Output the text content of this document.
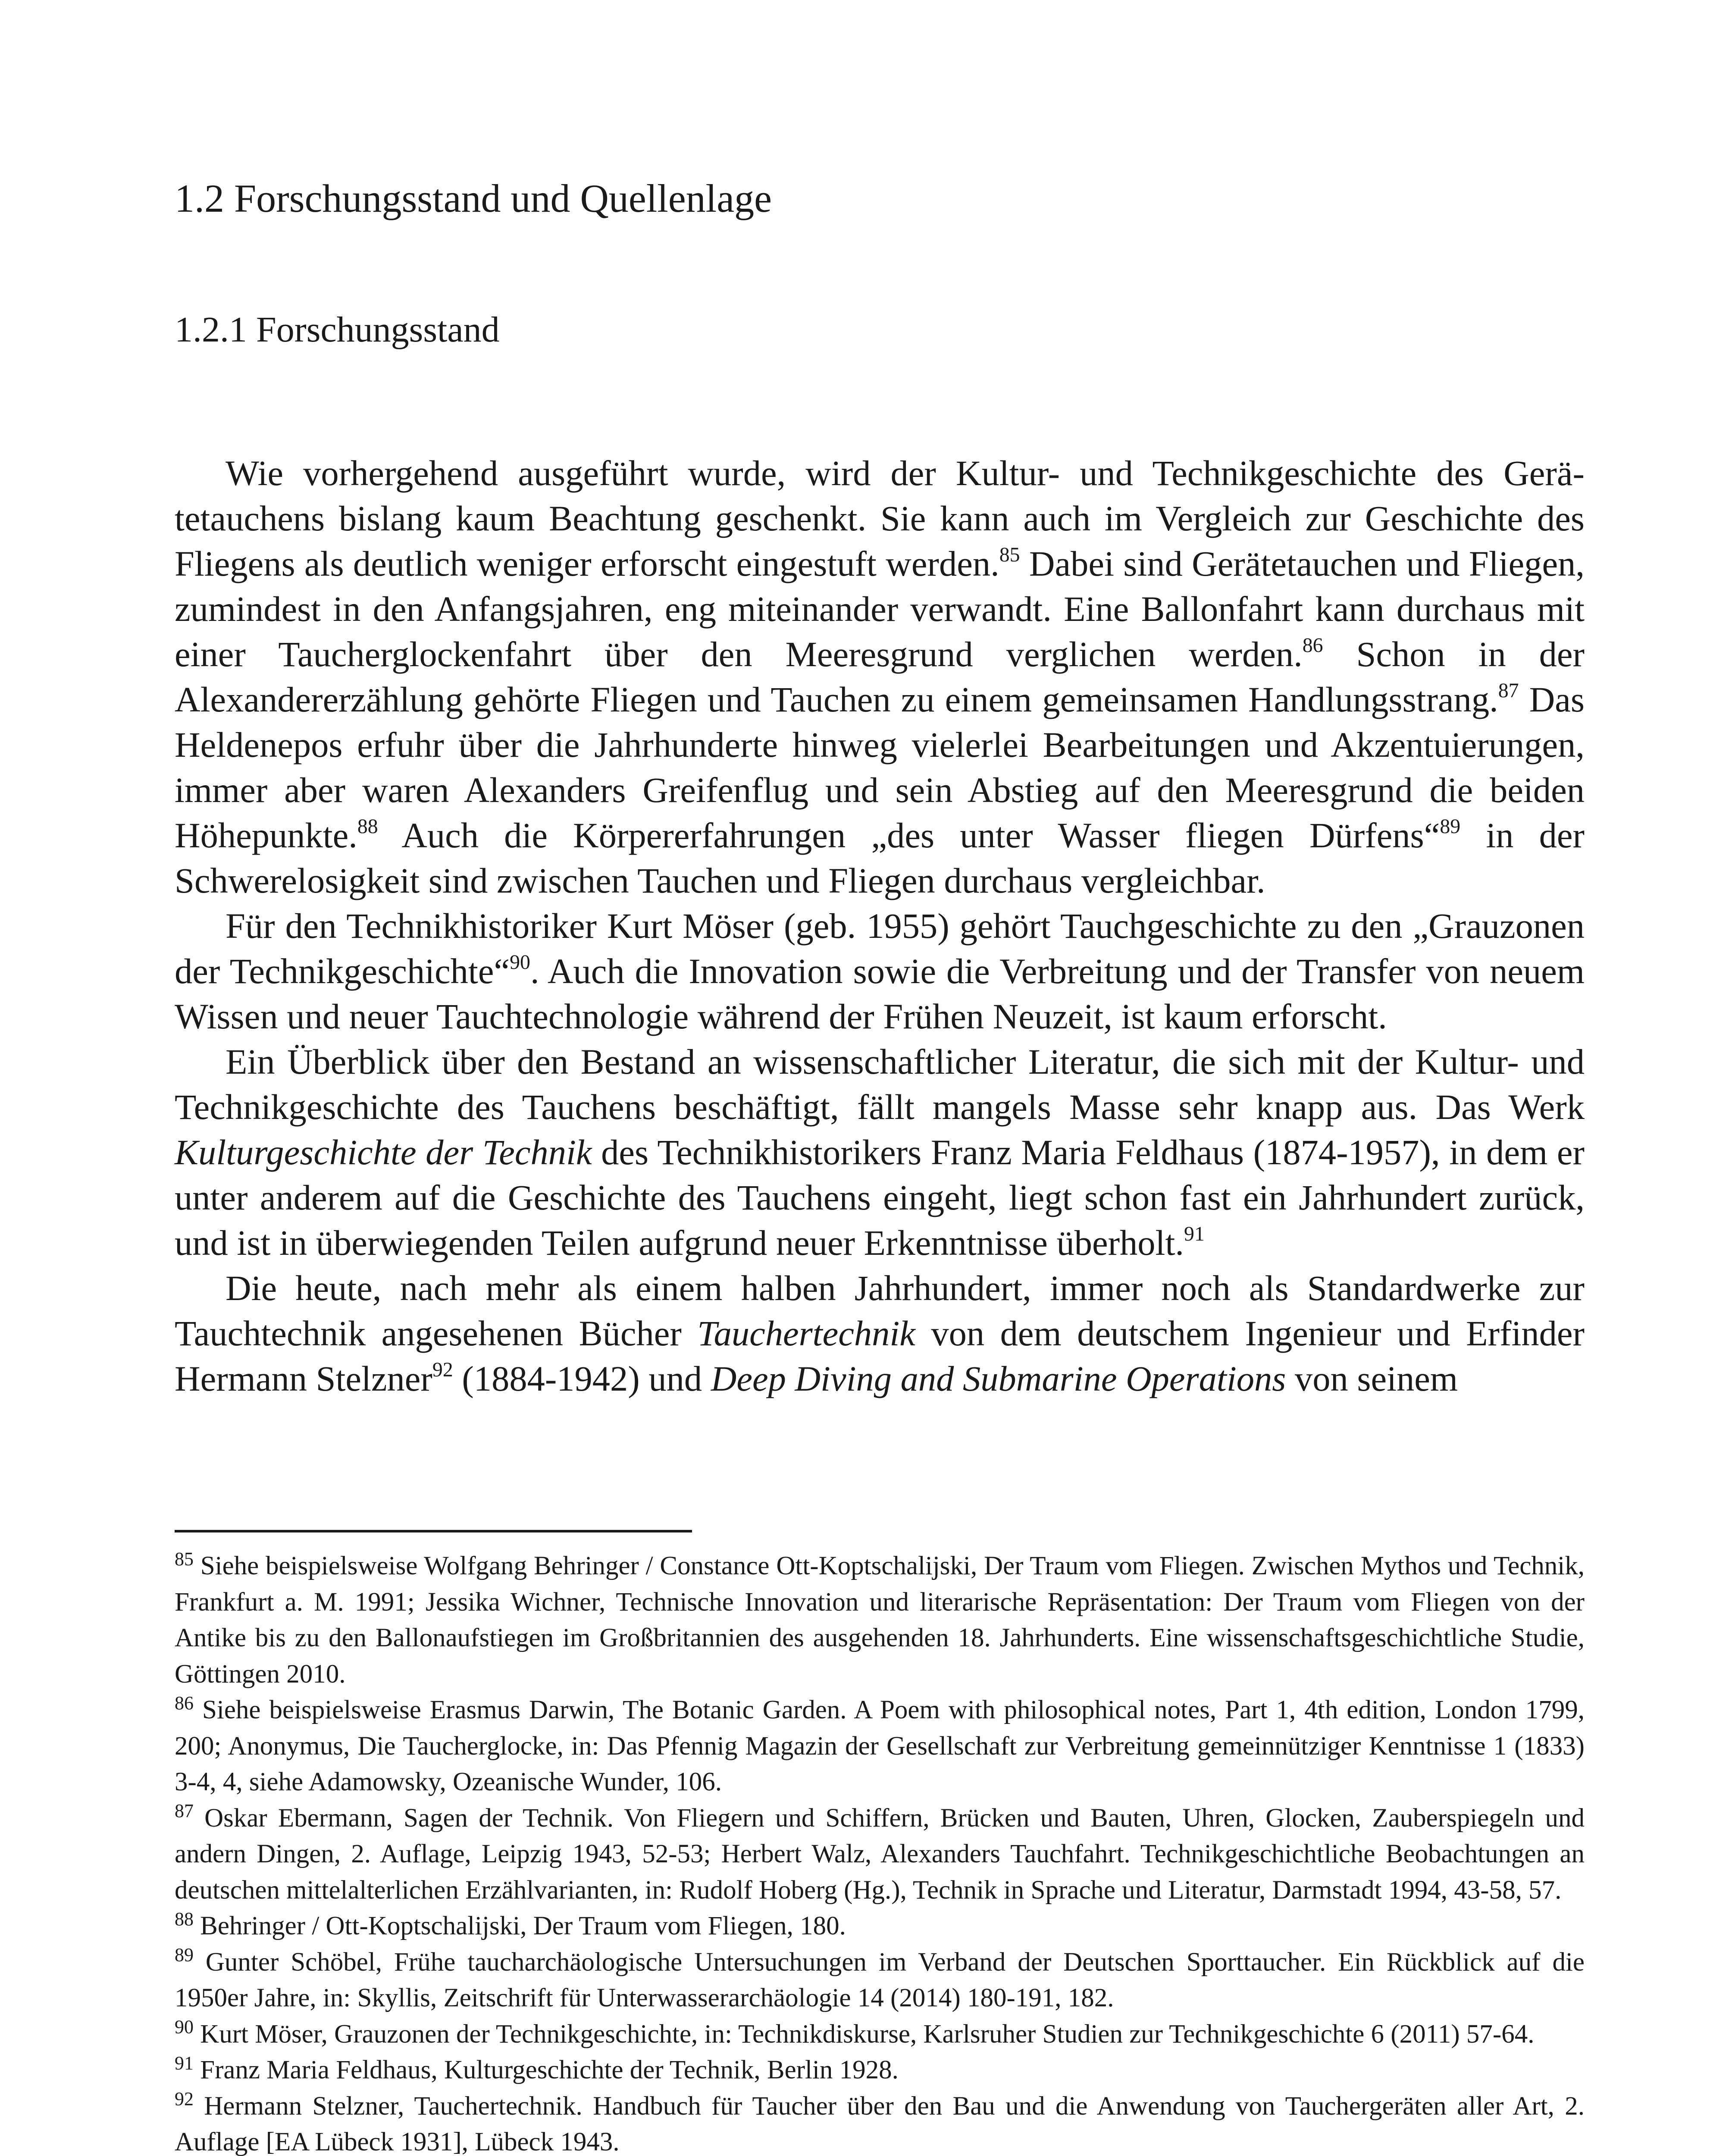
1.2 Forschungsstand und Quellenlage
1.2.1 Forschungsstand

Wie vorhergehend ausgeführt wurde, wird der Kultur- und Technikgeschichte des Gerätetauchens bislang kaum Beachtung geschenkt. Sie kann auch im Vergleich zur Geschichte des Fliegens als deutlich weniger erforscht eingestuft werden.$^{85}$ Dabei sind Gerätetauchen und Fliegen, zumindest in den Anfangsjahren, eng miteinander verwandt. Eine Ballonfahrt kann durchaus mit einer Taucherglockenfahrt über den Meeresgrund verglichen werden.$^{86}$ Schon in der Alexandererzählung gehörte Fliegen und Tauchen zu einem gemeinsamen Handlungsstrang.$^{87}$ Das Heldenepos erfuhr über die Jahrhunderte hinweg vielerlei Bearbeitungen und Akzentuierungen, immer aber waren Alexanders Greifenflug und sein Abstieg auf den Meeresgrund die beiden Höhepunkte.$^{88}$ Auch die Körpererfahrungen „des unter Wasser fliegen Dürfens“$^{89}$ in der Schwerelosigkeit sind zwischen Tauchen und Fliegen durchaus vergleichbar.

Für den Technikhistoriker Kurt Möser (geb. 1955) gehört Tauchgeschichte zu den „Grauzonen der Technikgeschichte“$^{90}$. Auch die Innovation sowie die Verbreitung und der Transfer von neuem Wissen und neuer Tauchtechnologie während der Frühen Neuzeit, ist kaum erforscht.

Ein Überblick über den Bestand an wissenschaftlicher Literatur, die sich mit der Kultur- und Technikgeschichte des Tauchens beschäftigt, fällt mangels Masse sehr knapp aus. Das Werk Kulturgeschichte der Technik des Technikhistorikers Franz Maria Feldhaus (1874-1957), in dem er unter anderem auf die Geschichte des Tauchens eingeht, liegt schon fast ein Jahrhundert zurück, und ist in überwiegenden Teilen aufgrund neuer Erkenntnisse überholt.$^{91}$

Die heute, nach mehr als einem halben Jahrhundert, immer noch als Standardwerke zur Tauchtechnik angesehenen Bücher Tauchertechnik von dem deutschem Ingenieur und Erfinder Hermann Stelzner$^{92}$ (1884-1942) und Deep Diving and Submarine Operations von seinem

$^{85}$ Siehe beispielsweise Wolfgang Behringer / Constance Ott-Koptschalijski, Der Traum vom Fliegen. Zwischen Mythos und Technik, Frankfurt a. M. 1991; Jessika Wichner, Technische Innovation und literarische Repräsentation: Der Traum vom Fliegen von der Antike bis zu den Ballonaufstiegen im Großbritannien des ausgehenden 18. Jahrhunderts. Eine wissenschaftsgeschichtliche Studie, Göttingen 2010.

$^{86}$ Siehe beispielsweise Erasmus Darwin, The Botanic Garden. A Poem with philosophical notes, Part 1, 4th edition, London 1799, 200; Anonymus, Die Taucherglocke, in: Das Pfennig Magazin der Gesellschaft zur Verbreitung gemeinnütziger Kenntnisse 1 (1833) 3-4, 4, siehe Adamowsky, Ozeanische Wunder, 106.

$^{87}$ Oskar Ebermann, Sagen der Technik. Von Fliegern und Schiffern, Brücken und Bauten, Uhren, Glocken, Zauberspiegeln und andern Dingen, 2. Auflage, Leipzig 1943, 52-53; Herbert Walz, Alexanders Tauchfahrt. Technikgeschichtliche Beobachtungen an deutschen mittelalterlichen Erzählvarianten, in: Rudolf Hoberg (Hg.), Technik in Sprache und Literatur, Darmstadt 1994, 43-58, 57.

$^{88}$ Behringer / Ott-Koptschalijski, Der Traum vom Fliegen, 180.

$^{89}$ Gunter Schöbel, Frühe taucharchäologische Untersuchungen im Verband der Deutschen Sporttaucher. Ein Rückblick auf die 1950er Jahre, in: Skyllis, Zeitschrift für Unterwasserarchäologie 14 (2014) 180-191, 182.

$^{90}$ Kurt Möser, Grauzonen der Technikgeschichte, in: Technikdiskurse, Karlsruher Studien zur Technikgeschichte 6 (2011) 57-64.

$^{91}$ Franz Maria Feldhaus, Kulturgeschichte der Technik, Berlin 1928.

$^{92}$ Hermann Stelzner, Tauchertechnik. Handbuch für Taucher über den Bau und die Anwendung von Tauchergeräten aller Art, 2. Auflage [EA Lübeck 1931], Lübeck 1943.
